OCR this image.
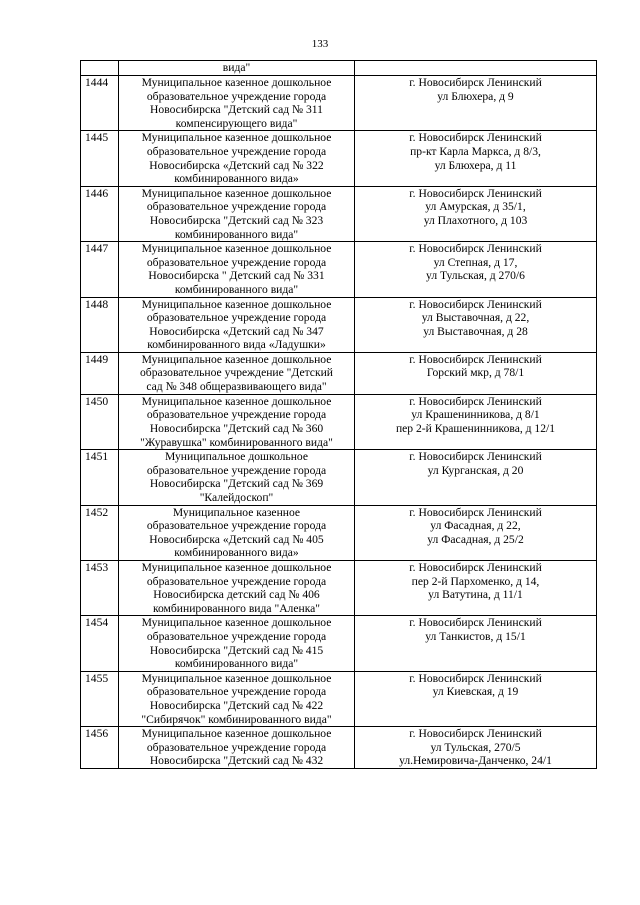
133

	вида"	

1444	Муниципальное казенное дошкольное
образовательное учреждение города
Новосибирска "Детский сад № 311
компенсирующего вида"	г. Новосибирск Ленинский
ул Блюхера, д 9

1445	Муниципальное казенное дошкольное
образовательное учреждение города
Новосибирска «Детский сад № 322
комбинированного вида»	г. Новосибирск Ленинский
пр-кт Карла Маркса, д 8/3,
ул Блюхера, д 11

1446	Муниципальное казенное дошкольное
образовательное учреждение города
Новосибирска "Детский сад № 323
комбинированного вида"	г. Новосибирск Ленинский
ул Амурская, д 35/1,
ул Плахотного, д 103

1447	Муниципальное казенное дошкольное
образовательное учреждение города
Новосибирска " Детский сад № 331
комбинированного вида"	г. Новосибирск Ленинский
ул Степная, д 17,
ул Тульская, д 270/6

1448	Муниципальное казенное дошкольное
образовательное учреждение города
Новосибирска «Детский сад № 347
комбинированного вида «Ладушки»	г. Новосибирск Ленинский
ул Выставочная, д 22,
ул Выставочная, д 28

1449	Муниципальное казенное дошкольное
образовательное учреждение "Детский
сад № 348 общеразвивающего вида"	г. Новосибирск Ленинский
Горский мкр, д 78/1

1450	Муниципальное казенное дошкольное
образовательное учреждение города
Новосибирска "Детский сад № 360
"Журавушка" комбинированного вида"	г. Новосибирск Ленинский
ул Крашенинникова, д 8/1
пер 2-й Крашенинникова, д 12/1

1451	Муниципальное дошкольное
образовательное учреждение города
Новосибирска "Детский сад № 369
"Калейдоскоп"	г. Новосибирск Ленинский
ул Курганская, д 20

1452	Муниципальное казенное
образовательное учреждение города
Новосибирска «Детский сад № 405
комбинированного вида»	г. Новосибирск Ленинский
ул Фасадная, д 22,
ул Фасадная, д 25/2

1453	Муниципальное казенное дошкольное
образовательное учреждение города
Новосибирска детский сад № 406
комбинированного вида "Аленка"	г. Новосибирск Ленинский
пер 2-й Пархоменко, д 14,
ул Ватутина, д 11/1

1454	Муниципальное казенное дошкольное
образовательное учреждение города
Новосибирска "Детский сад № 415
комбинированного вида"	г. Новосибирск Ленинский
ул Танкистов, д 15/1

1455	Муниципальное казенное дошкольное
образовательное учреждение города
Новосибирска "Детский сад № 422
"Сибирячок" комбинированного вида"	г. Новосибирск Ленинский
ул Киевская, д 19

1456	Муниципальное казенное дошкольное
образовательное учреждение города
Новосибирска "Детский сад № 432	г. Новосибирск Ленинский
ул Тульская, 270/5
ул.Немировича-Данченко, 24/1
